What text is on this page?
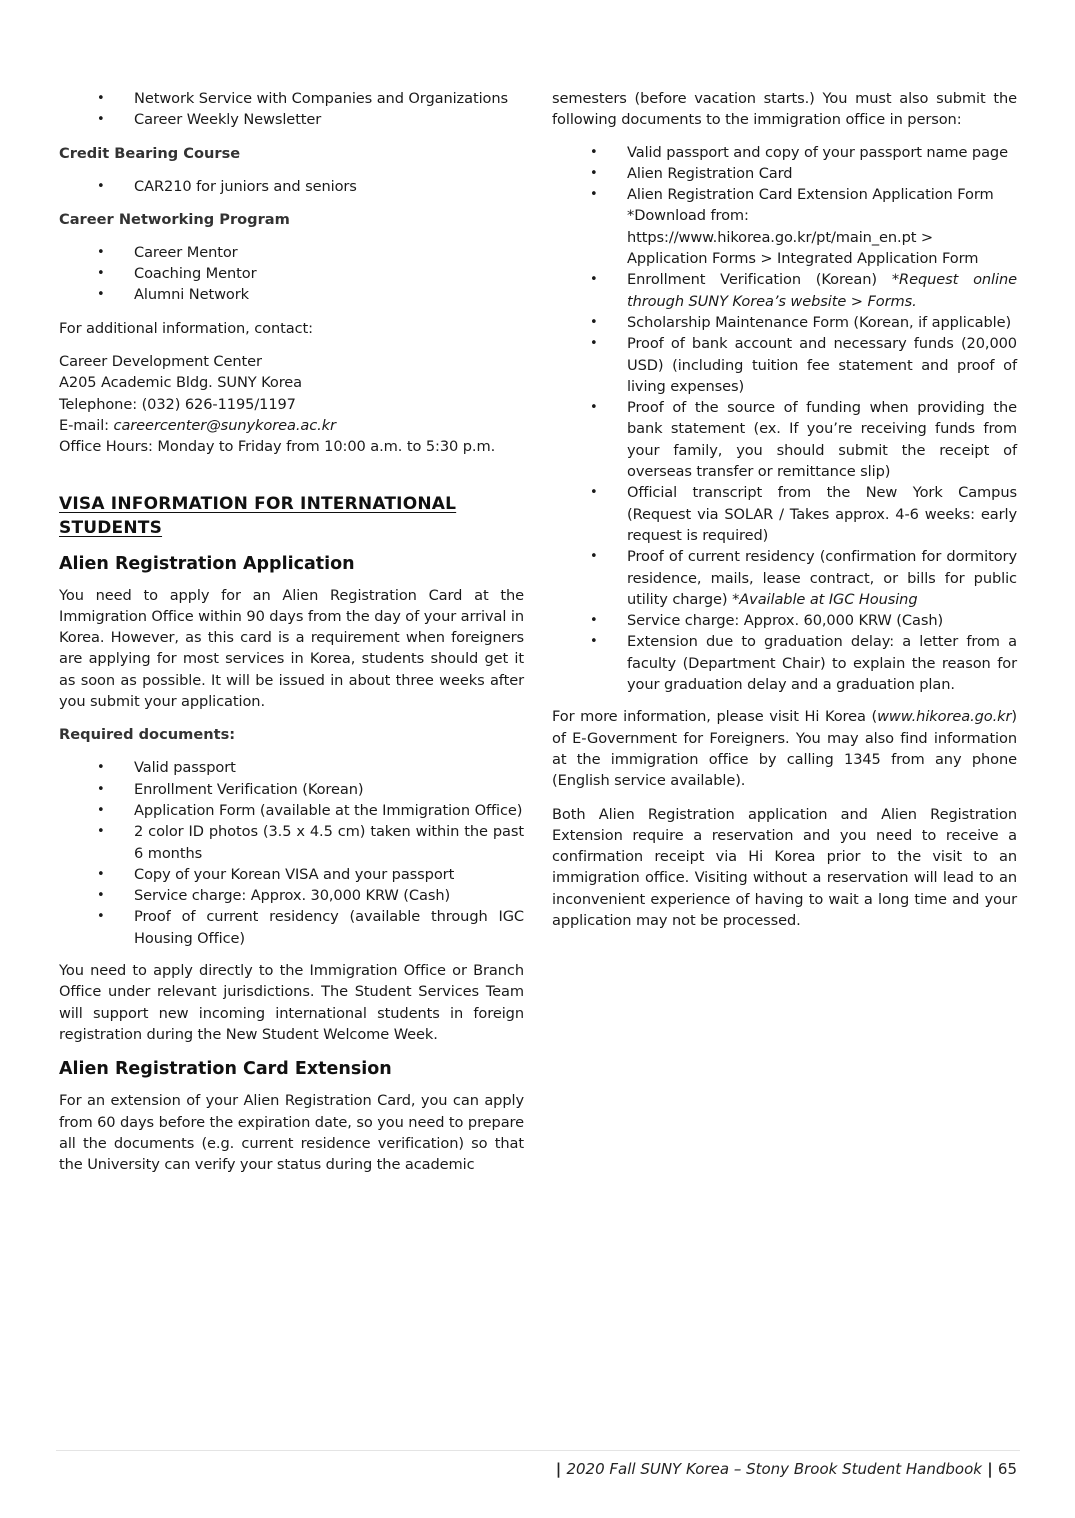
• Network Service with Companies and Organizations
• Career Weekly Newsletter
Credit Bearing Course
• CAR210 for juniors and seniors
Career Networking Program
• Career Mentor
• Coaching Mentor
• Alumni Network

For additional information, contact:

Career Development Center
A205 Academic Bldg. SUNY Korea
Telephone: (032) 626-1195/1197
E-mail: careercenter@sunykorea.ac.kr
Office Hours: Monday to Friday from 10:00 a.m. to 5:30 p.m.
VISA INFORMATION FOR INTERNATIONAL STUDENTS
Alien Registration Application

You need to apply for an Alien Registration Card at the Immigration Office within 90 days from the day of your arrival in Korea. However, as this card is a requirement when foreigners are applying for most services in Korea, students should get it as soon as possible. It will be issued in about three weeks after you submit your application.

Required documents:
• Valid passport
• Enrollment Verification (Korean)
• Application Form (available at the Immigration Office)
• 2 color ID photos (3.5 x 4.5 cm) taken within the past 6 months
• Copy of your Korean VISA and your passport
• Service charge: Approx. 30,000 KRW (Cash)
• Proof of current residency (available through IGC Housing Office)

You need to apply directly to the Immigration Office or Branch Office under relevant jurisdictions. The Student Services Team will support new incoming international students in foreign registration during the New Student Welcome Week.

Alien Registration Card Extension

For an extension of your Alien Registration Card, you can apply from 60 days before the expiration date, so you need to prepare all the documents (e.g. current residence verification) so that the University can verify your status during the academic

semesters (before vacation starts.) You must also submit the following documents to the immigration office in person:

• Valid passport and copy of your passport name page
• Alien Registration Card
• Alien Registration Card Extension Application Form
*Download from:
https://www.hikorea.go.kr/pt/main_en.pt >
Application Forms > Integrated Application Form
• Enrollment Verification (Korean) *Request online through SUNY Korea’s website > Forms.
• Scholarship Maintenance Form (Korean, if applicable)
• Proof of bank account and necessary funds (20,000 USD) (including tuition fee statement and proof of living expenses)
• Proof of the source of funding when providing the bank statement (ex. If you’re receiving funds from your family, you should submit the receipt of overseas transfer or remittance slip)
• Official transcript from the New York Campus (Request via SOLAR / Takes approx. 4-6 weeks: early request is required)
• Proof of current residency (confirmation for dormitory residence, mails, lease contract, or bills for public utility charge) *Available at IGC Housing
• Service charge: Approx. 60,000 KRW (Cash)
• Extension due to graduation delay: a letter from a faculty (Department Chair) to explain the reason for your graduation delay and a graduation plan.

For more information, please visit Hi Korea (www.hikorea.go.kr) of E-Government for Foreigners. You may also find information at the immigration office by calling 1345 from any phone (English service available).

Both Alien Registration application and Alien Registration Extension require a reservation and you need to receive a confirmation receipt via Hi Korea prior to the visit to an immigration office. Visiting without a reservation will lead to an inconvenient experience of having to wait a long time and your application may not be processed.

| 2020 Fall SUNY Korea – Stony Brook Student Handbook | 65
